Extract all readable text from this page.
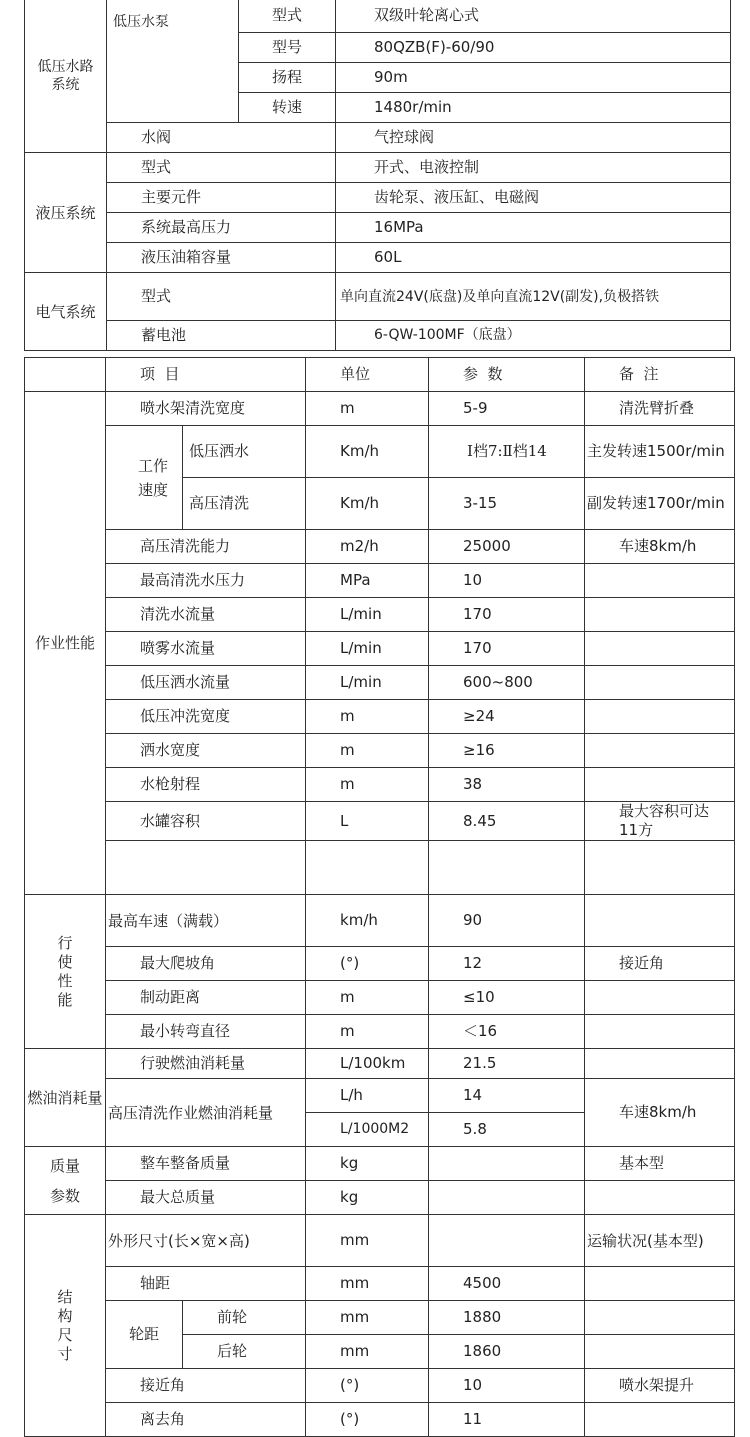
低压水路系统	低压水泵	型式	双级叶轮离心式
		型号	80QZB(F)-60/90
		扬程	90m
		转速	1480r/min
	水阀		气控球阀
液压系统	型式		开式、电液控制
	主要元件		齿轮泵、液压缸、电磁阀
	系统最高压力		16MPa
	液压油箱容量		60L
电气系统	型式		单向直流24V(底盘)及单向直流12V(副发),负极搭铁
	蓄电池		6-QW-100MF（底盘）
	项  目		单位	参  数	备  注
作业性能	喷水架清洗宽度		m	5-9	清洗臂折叠

	工作速度	低压洒水	Km/h	Ⅰ档7:Ⅱ档14	主发转速1500r/min
		高压清洗	Km/h	3-15	副发转速1700r/min
	高压清洗能力		m2/h	25000	车速8km/h
	最高清洗水压力		MPa	10	
	清洗水流量		L/min	170	
	喷雾水流量		L/min	170	
	低压洒水流量		L/min	600~800	
	低压冲洗宽度		m	≥24	
	洒水宽度		m	≥16	
	水枪射程		m	38	
	水罐容积		L	8.45	最大容积可达11方

行使性能	最高车速（满载）		km/h	90	
	最大爬坡角		(°)	12	接近角
	制动距离		m	≤10	
	最小转弯直径		m	＜16	
燃油消耗量	行驶燃油消耗量		L/100km	21.5	
	高压清洗作业燃油消耗量		L/h	14	车速8km/h
			L/1000M2	5.8	

质量参数	整车整备质量		kg		基本型
	最大总质量		kg		

结构尺寸	外形尺寸(长×宽×高)		mm		运输状况(基本型)
	轴距		mm	4500	
	轮距	前轮	mm	1880	
		后轮	mm	1860	
	接近角		(°)	10	喷水架提升
	离去角		(°)	11	
